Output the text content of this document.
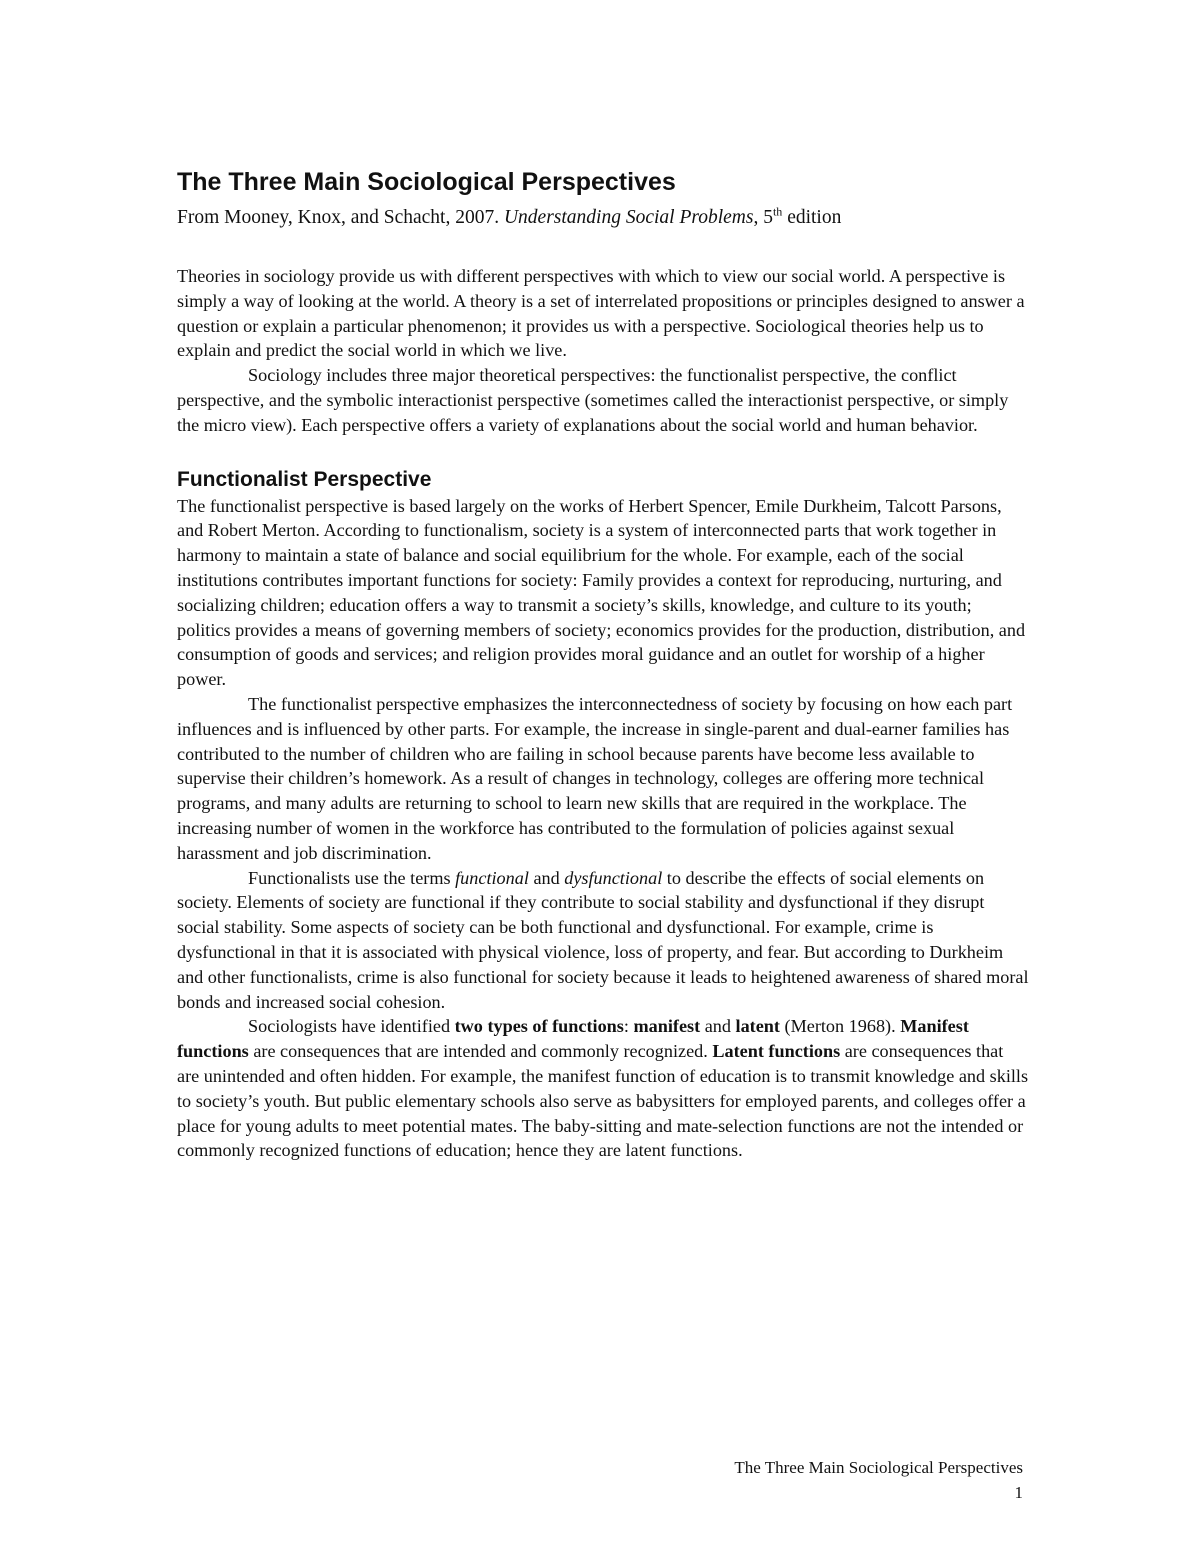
The Three Main Sociological Perspectives

From Mooney, Knox, and Schacht, 2007. Understanding Social Problems, 5th edition

Theories in sociology provide us with different perspectives with which to view our social world. A perspective is simply a way of looking at the world. A theory is a set of interrelated propositions or principles designed to answer a question or explain a particular phenomenon; it provides us with a perspective. Sociological theories help us to explain and predict the social world in which we live.

Sociology includes three major theoretical perspectives: the functionalist perspective, the conflict perspective, and the symbolic interactionist perspective (sometimes called the interactionist perspective, or simply the micro view). Each perspective offers a variety of explanations about the social world and human behavior.

Functionalist Perspective

The functionalist perspective is based largely on the works of Herbert Spencer, Emile Durkheim, Talcott Parsons, and Robert Merton. According to functionalism, society is a system of interconnected parts that work together in harmony to maintain a state of balance and social equilibrium for the whole. For example, each of the social institutions contributes important functions for society: Family provides a context for reproducing, nurturing, and socializing children; education offers a way to transmit a society’s skills, knowledge, and culture to its youth; politics provides a means of governing members of society; economics provides for the production, distribution, and consumption of goods and services; and religion provides moral guidance and an outlet for worship of a higher power.

The functionalist perspective emphasizes the interconnectedness of society by focusing on how each part influences and is influenced by other parts. For example, the increase in single-parent and dual-earner families has contributed to the number of children who are failing in school because parents have become less available to supervise their children’s homework. As a result of changes in technology, colleges are offering more technical programs, and many adults are returning to school to learn new skills that are required in the workplace. The increasing number of women in the workforce has contributed to the formulation of policies against sexual harassment and job discrimination.

Functionalists use the terms functional and dysfunctional to describe the effects of social elements on society. Elements of society are functional if they contribute to social stability and dysfunctional if they disrupt social stability. Some aspects of society can be both functional and dysfunctional. For example, crime is dysfunctional in that it is associated with physical violence, loss of property, and fear. But according to Durkheim and other functionalists, crime is also functional for society because it leads to heightened awareness of shared moral bonds and increased social cohesion.

Sociologists have identified two types of functions: manifest and latent (Merton 1968). Manifest functions are consequences that are intended and commonly recognized. Latent functions are consequences that are unintended and often hidden. For example, the manifest function of education is to transmit knowledge and skills to society’s youth. But public elementary schools also serve as babysitters for employed parents, and colleges offer a place for young adults to meet potential mates. The baby-sitting and mate-selection functions are not the intended or commonly recognized functions of education; hence they are latent functions.

The Three Main Sociological Perspectives
1
